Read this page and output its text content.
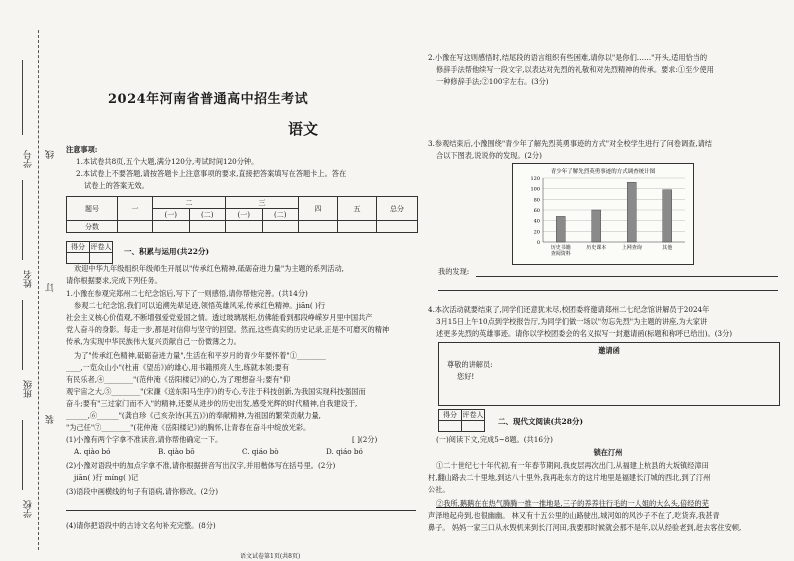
学号 线
姓名 订
班级
装
学校
2024年河南省普通高中招生考试
语文
注意事项:
1.本试卷共8页,五个大题,满分120分,考试时间120分钟。
2.本试卷上不要答题,请按答题卡上注意事项的要求,直接把答案填写在答题卡上。答在
试卷上的答案无效。
题号	一	二		三		四	五	总分
		(一)	(二)	(一)	(二)			
分数								
得分	评卷人
	一、积累与运用(共22分)
欢迎中华九年级组织年级师生开展以"传承红色精神,砥砺奋进力量"为主题的系列活动,
请你根据要求,完成下列任务。
1.小豫在参观完郑州二七纪念馆后,写下了一则感悟,请你帮他完善。(共14分)
参观二七纪念馆,我们可以追溯先辈足迹,领悟英雄风采,传承红色精神。jiān( )行
社会主义核心价值观,不断增强爱党爱国之情。透过玻璃展柜,仿佛能看到那段峥嵘岁月里中国共产
党人奋斗的身影。每走一步,都是对信仰与坚守的回望。然而,这些真实的历史记录,正是不可磨灭的精神
传承,为实现中华民族伟大复兴贡献自己一份微薄之力。
为了"传承红色精神,砥砺奋进力量",生活在和平岁月的青少年要怀着"①________
____,一览众山小"(杜甫《望岳》)的雄心,用书籍照亮人生,练就本领;要有
有民乐者,④________"(范仲淹《岳阳楼记》)的心,为了理想奋斗;要有"仰
观宇宙之大,⑤________"(宋濂《送东阳马生序》)的专心,专注于科技创新,为我国实现科技强国而
奋斗;要有"三过家门而不入"的精神,还要从进步的历史出发,感受光辉的时代精神,自我建设于,
______,⑥______"(龚自珍《己亥杂诗(其五)》)的奉献精神,为祖国的繁荣贡献力量,
"为己任"⑦________"(花仲淹《岳阳楼记》)的胸怀,让青春在奋斗中绽放光彩。
(1)小豫有两个字拿不准读音,请你帮他确定一下。	[ ](2分)
A. qiào bó	B. qiào bō	C. qiáo bò	D. qiáo bó
(2)小豫对语段中的加点字拿不准,请你根据拼音写出汉字,并用楷体写在括号里。(2分)
jiān( )行 míng( )记
(3)语段中画横线的句子有语病,请你修改。(2分)
(4)请你把语段中的古诗文名句补充完整。(8分)
2.小豫在写这则感悟时,结尾段的语言组织有些困难,请你以"是你们……"开头,适用恰当的
修辞手法帮他续写一段文字,以表达对先烈的礼敬和对先烈精神的传承。要求:①至少使用
一种修辞手法;②100字左右。(3分)
3.参观结束后,小豫围绕"青少年了解先烈英勇事迹的方式"对全校学生进行了问卷调查,请结
合以下图表,说说你的发现。(2分)
青少年了解先烈英勇事迹的方式调查统计图
0
20
40
60
80
100
120
历史书籍
查阅资料
历史课本	上网查询	其他
我的发现:
4.本次活动就要结束了,同学们还意犹未尽,校团委将邀请郑州二七纪念馆讲解员于2024年
3月15日上午10点到学校报告厅,为同学们做一场以"勿忘先烈"为主题的讲座,为大家讲
述更多先烈的英雄事迹。请你以学校团委会的名义拟写一封邀请函(标题和称呼已给出)。(3分)
邀请函
尊敬的讲解员:
您好!
得分	评卷人

二、现代文阅读(共28分)
(一)阅读下文,完成5~8题。(共16分)
锁在汀州
①二十世纪七十年代初,有一年春节期间,我皮层再次出门,从福建上杭县的大坂镇经漳田
村,翻山路去二十里地,到达八十里外,我再赴东方的这片地里是福建长汀城的西北,到了汀州
公社。
②我所,鹅鹅在在热气腾腾一推一推地是,三子的养养往行毛的一人姐的大么头,倍经的芜
声泽地起舟到,也很幽幽。 林又有十五公里的山路驶出,城河如的风沙子不在了,吃货弃,我甚青
鼻子。 妈妈一家三口从水毁机来到长汀河田,我要那时候就会那不是年,以从经验老到,赶去客住安顿,
语文试卷第1页(共8页)
